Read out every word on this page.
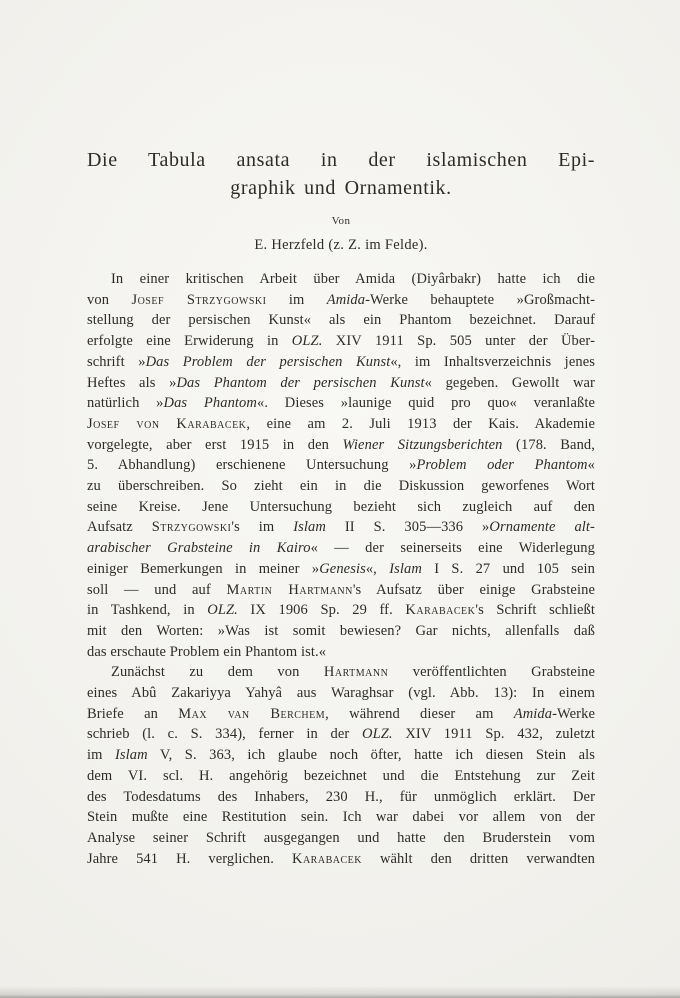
Die Tabula ansata in der islamischen Epi-
graphik und Ornamentik.
Von
E. Herzfeld (z. Z. im Felde).
In einer kritischen Arbeit über Amida (Diyârbakr) hatte ich die
von Josef Strzygowski im Amida-Werke behauptete »Großmacht-
stellung der persischen Kunst« als ein Phantom bezeichnet. Darauf
erfolgte eine Erwiderung in OLZ. XIV 1911 Sp. 505 unter der Über-
schrift »Das Problem der persischen Kunst«, im Inhaltsverzeichnis jenes
Heftes als »Das Phantom der persischen Kunst« gegeben. Gewollt war
natürlich »Das Phantom«. Dieses »launige quid pro quo« veranlaßte
Josef von Karabacek, eine am 2. Juli 1913 der Kais. Akademie
vorgelegte, aber erst 1915 in den Wiener Sitzungsberichten (178. Band,
5. Abhandlung) erschienene Untersuchung »Problem oder Phantom«
zu überschreiben. So zieht ein in die Diskussion geworfenes Wort
seine Kreise. Jene Untersuchung bezieht sich zugleich auf den
Aufsatz Strzygowski's im Islam II S. 305—336 »Ornamente alt-
arabischer Grabsteine in Kairo« — der seinerseits eine Widerlegung
einiger Bemerkungen in meiner »Genesis«, Islam I S. 27 und 105 sein
soll — und auf Martin Hartmann's Aufsatz über einige Grabsteine
in Tashkend, in OLZ. IX 1906 Sp. 29 ff. Karabacek's Schrift schließt
mit den Worten: »Was ist somit bewiesen? Gar nichts, allenfalls daß
das erschaute Problem ein Phantom ist.«
Zunächst zu dem von Hartmann veröffentlichten Grabsteine
eines Abû Zakariyya Yahyâ aus Waraghsar (vgl. Abb. 13): In einem
Briefe an Max van Berchem, während dieser am Amida-Werke
schrieb (l. c. S. 334), ferner in der OLZ. XIV 1911 Sp. 432, zuletzt
im Islam V, S. 363, ich glaube noch öfter, hatte ich diesen Stein als
dem VI. scl. H. angehörig bezeichnet und die Entstehung zur Zeit
des Todesdatums des Inhabers, 230 H., für unmöglich erklärt. Der
Stein mußte eine Restitution sein. Ich war dabei vor allem von der
Analyse seiner Schrift ausgegangen und hatte den Bruderstein vom
Jahre 541 H. verglichen. Karabacek wählt den dritten verwandten
